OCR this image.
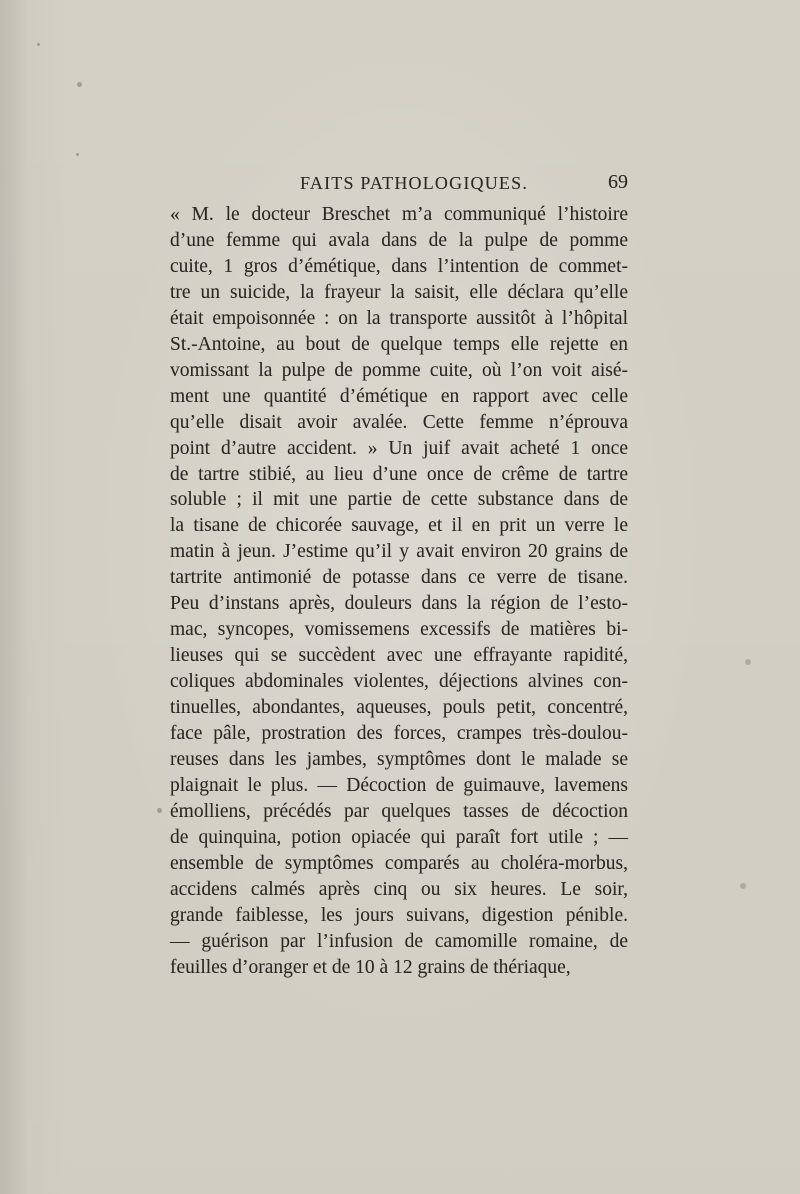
FAITS PATHOLOGIQUES.	69
« M. le docteur Breschet m’a communiqué l’histoire
d’une femme qui avala dans de la pulpe de pomme
cuite, 1 gros d’émétique, dans l’intention de commet-
tre un suicide, la frayeur la saisit, elle déclara qu’elle
était empoisonnée : on la transporte aussitôt à l’hôpital
St.-Antoine, au bout de quelque temps elle rejette en
vomissant la pulpe de pomme cuite, où l’on voit aisé-
ment une quantité d’émétique en rapport avec celle
qu’elle disait avoir avalée. Cette femme n’éprouva
point d’autre accident. » Un juif avait acheté 1 once
de tartre stibié, au lieu d’une once de crême de tartre
soluble ; il mit une partie de cette substance dans de
la tisane de chicorée sauvage, et il en prit un verre le
matin à jeun. J’estime qu’il y avait environ 20 grains de
tartrite antimonié de potasse dans ce verre de tisane.
Peu d’instans après, douleurs dans la région de l’esto-
mac, syncopes, vomissemens excessifs de matières bi-
lieuses qui se succèdent avec une effrayante rapidité,
coliques abdominales violentes, déjections alvines con-
tinuelles, abondantes, aqueuses, pouls petit, concentré,
face pâle, prostration des forces, crampes très-doulou-
reuses dans les jambes, symptômes dont le malade se
plaignait le plus. — Décoction de guimauve, lavemens
émolliens, précédés par quelques tasses de décoction
de quinquina, potion opiacée qui paraît fort utile ; —
ensemble de symptômes comparés au choléra-morbus,
accidens calmés après cinq ou six heures. Le soir,
grande faiblesse, les jours suivans, digestion pénible.
— guérison par l’infusion de camomille romaine, de
feuilles d’oranger et de 10 à 12 grains de thériaque,
